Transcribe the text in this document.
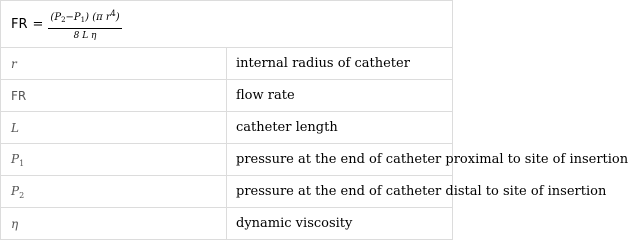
FR = $\frac{(P_2-P_1) (\pi r^4)}{\text{8 L η}}$

r	internal radius of catheter
FR	flow rate
L	catheter length
$P_1$	pressure at the end of catheter proximal to site of insertion
$P_2$	pressure at the end of catheter distal to site of insertion
η	dynamic viscosity
